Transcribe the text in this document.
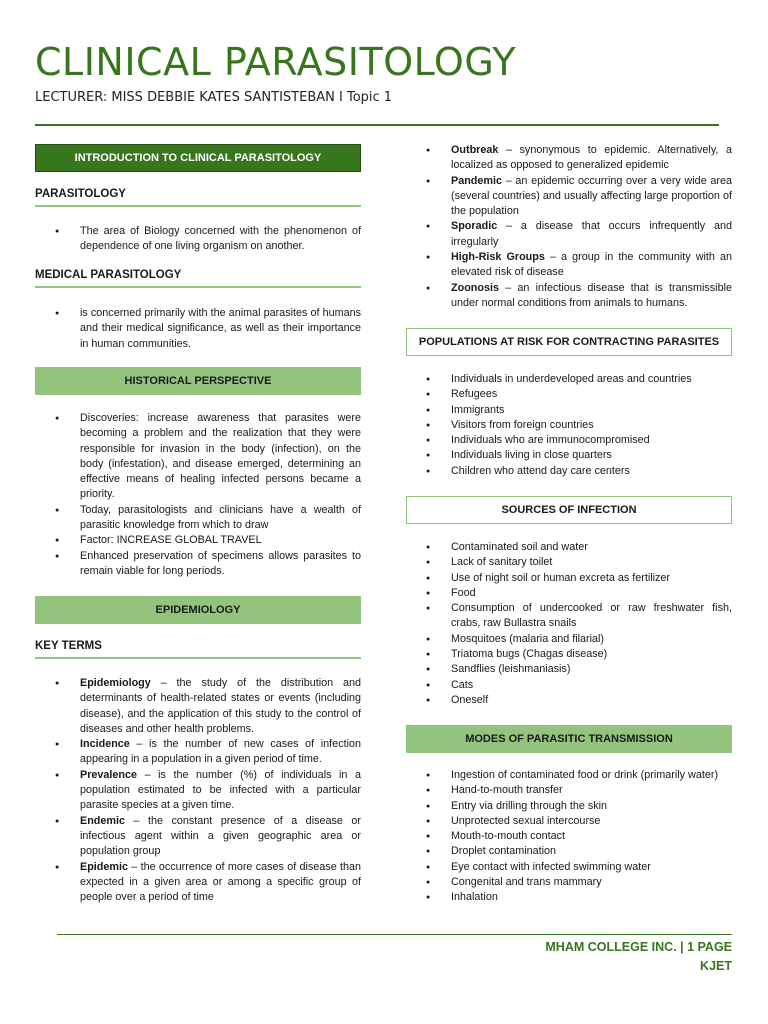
CLINICAL PARASITOLOGY
LECTURER: MISS DEBBIE KATES SANTISTEBAN I Topic 1
INTRODUCTION TO CLINICAL PARASITOLOGY
PARASITOLOGY
● The area of Biology concerned with the phenomenon of dependence of one living organism on another.
MEDICAL PARASITOLOGY
● is concerned primarily with the animal parasites of humans and their medical significance, as well as their importance in human communities.
HISTORICAL PERSPECTIVE
● Discoveries: increase awareness that parasites were becoming a problem and the realization that they were responsible for invasion in the body (infection), on the body (infestation), and disease emerged, determining an effective means of healing infected persons became a priority.
● Today, parasitologists and clinicians have a wealth of parasitic knowledge from which to draw
● Factor: INCREASE GLOBAL TRAVEL
● Enhanced preservation of specimens allows parasites to remain viable for long periods.
EPIDEMIOLOGY
KEY TERMS
● Epidemiology – the study of the distribution and determinants of health-related states or events (including disease), and the application of this study to the control of diseases and other health problems.
● Incidence – is the number of new cases of infection appearing in a population in a given period of time.
● Prevalence – is the number (%) of individuals in a population estimated to be infected with a particular parasite species at a given time.
● Endemic – the constant presence of a disease or infectious agent within a given geographic area or population group
● Epidemic – the occurrence of more cases of disease than expected in a given area or among a specific group of people over a period of time
● Outbreak – synonymous to epidemic. Alternatively, a localized as opposed to generalized epidemic
● Pandemic – an epidemic occurring over a very wide area (several countries) and usually affecting large proportion of the population
● Sporadic – a disease that occurs infrequently and irregularly
● High-Risk Groups – a group in the community with an elevated risk of disease
● Zoonosis – an infectious disease that is transmissible under normal conditions from animals to humans.
POPULATIONS AT RISK FOR CONTRACTING PARASITES
● Individuals in underdeveloped areas and countries
● Refugees
● Immigrants
● Visitors from foreign countries
● Individuals who are immunocompromised
● Individuals living in close quarters
● Children who attend day care centers
SOURCES OF INFECTION
● Contaminated soil and water
● Lack of sanitary toilet
● Use of night soil or human excreta as fertilizer
● Food
● Consumption of undercooked or raw freshwater fish, crabs, raw Bullastra snails
● Mosquitoes (malaria and filarial)
● Triatoma bugs (Chagas disease)
● Sandflies (leishmaniasis)
● Cats
● Oneself
MODES OF PARASITIC TRANSMISSION
● Ingestion of contaminated food or drink (primarily water)
● Hand-to-mouth transfer
● Entry via drilling through the skin
● Unprotected sexual intercourse
● Mouth-to-mouth contact
● Droplet contamination
● Eye contact with infected swimming water
● Congenital and trans mammary
● Inhalation
MHAM COLLEGE INC. | 1 PAGE
KJET
